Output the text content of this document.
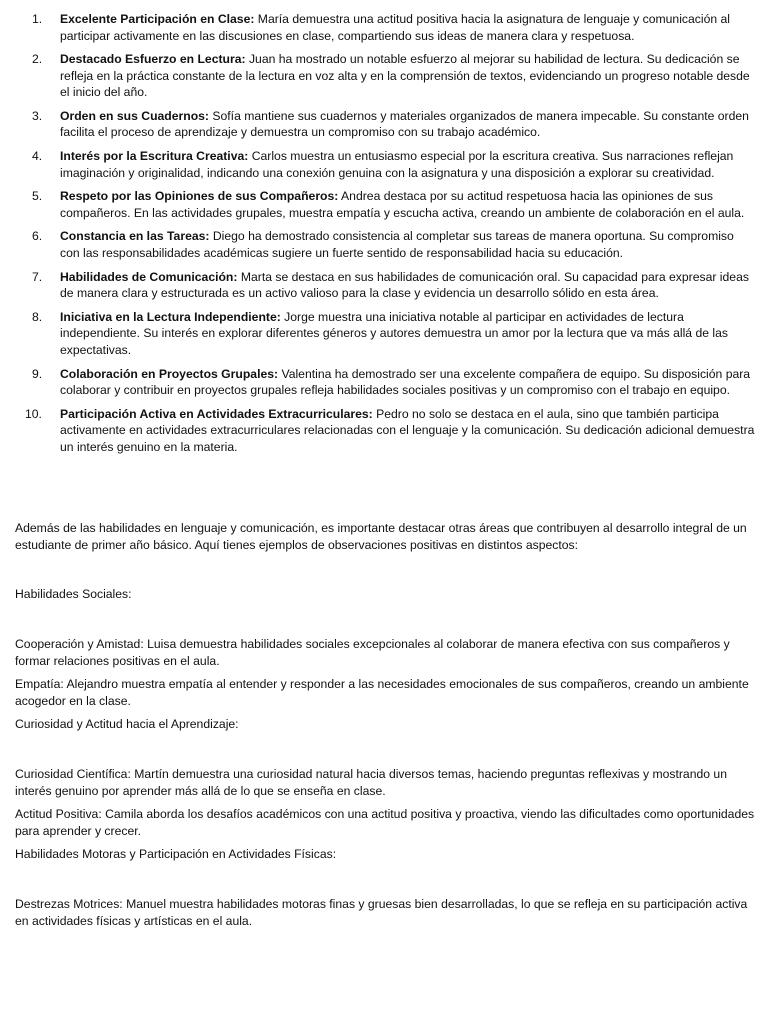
1.	Excelente Participación en Clase: María demuestra una actitud positiva hacia la asignatura de lenguaje y comunicación al participar activamente en las discusiones en clase, compartiendo sus ideas de manera clara y respetuosa.
2.	Destacado Esfuerzo en Lectura: Juan ha mostrado un notable esfuerzo al mejorar su habilidad de lectura. Su dedicación se refleja en la práctica constante de la lectura en voz alta y en la comprensión de textos, evidenciando un progreso notable desde el inicio del año.
3.	Orden en sus Cuadernos: Sofía mantiene sus cuadernos y materiales organizados de manera impecable. Su constante orden facilita el proceso de aprendizaje y demuestra un compromiso con su trabajo académico.
4.	Interés por la Escritura Creativa: Carlos muestra un entusiasmo especial por la escritura creativa. Sus narraciones reflejan imaginación y originalidad, indicando una conexión genuina con la asignatura y una disposición a explorar su creatividad.
5.	Respeto por las Opiniones de sus Compañeros: Andrea destaca por su actitud respetuosa hacia las opiniones de sus compañeros. En las actividades grupales, muestra empatía y escucha activa, creando un ambiente de colaboración en el aula.
6.	Constancia en las Tareas: Diego ha demostrado consistencia al completar sus tareas de manera oportuna. Su compromiso con las responsabilidades académicas sugiere un fuerte sentido de responsabilidad hacia su educación.
7.	Habilidades de Comunicación: Marta se destaca en sus habilidades de comunicación oral. Su capacidad para expresar ideas de manera clara y estructurada es un activo valioso para la clase y evidencia un desarrollo sólido en esta área.
8.	Iniciativa en la Lectura Independiente: Jorge muestra una iniciativa notable al participar en actividades de lectura independiente. Su interés en explorar diferentes géneros y autores demuestra un amor por la lectura que va más allá de las expectativas.
9.	Colaboración en Proyectos Grupales: Valentina ha demostrado ser una excelente compañera de equipo. Su disposición para colaborar y contribuir en proyectos grupales refleja habilidades sociales positivas y un compromiso con el trabajo en equipo.
10.	Participación Activa en Actividades Extracurriculares: Pedro no solo se destaca en el aula, sino que también participa activamente en actividades extracurriculares relacionadas con el lenguaje y la comunicación. Su dedicación adicional demuestra un interés genuino en la materia.

Además de las habilidades en lenguaje y comunicación, es importante destacar otras áreas que contribuyen al desarrollo integral de un estudiante de primer año básico. Aquí tienes ejemplos de observaciones positivas en distintos aspectos:

Habilidades Sociales:

Cooperación y Amistad: Luisa demuestra habilidades sociales excepcionales al colaborar de manera efectiva con sus compañeros y formar relaciones positivas en el aula.

Empatía: Alejandro muestra empatía al entender y responder a las necesidades emocionales de sus compañeros, creando un ambiente acogedor en la clase.

Curiosidad y Actitud hacia el Aprendizaje:

Curiosidad Científica: Martín demuestra una curiosidad natural hacia diversos temas, haciendo preguntas reflexivas y mostrando un interés genuino por aprender más allá de lo que se enseña en clase.

Actitud Positiva: Camila aborda los desafíos académicos con una actitud positiva y proactiva, viendo las dificultades como oportunidades para aprender y crecer.

Habilidades Motoras y Participación en Actividades Físicas:

Destrezas Motrices: Manuel muestra habilidades motoras finas y gruesas bien desarrolladas, lo que se refleja en su participación activa en actividades físicas y artísticas en el aula.
